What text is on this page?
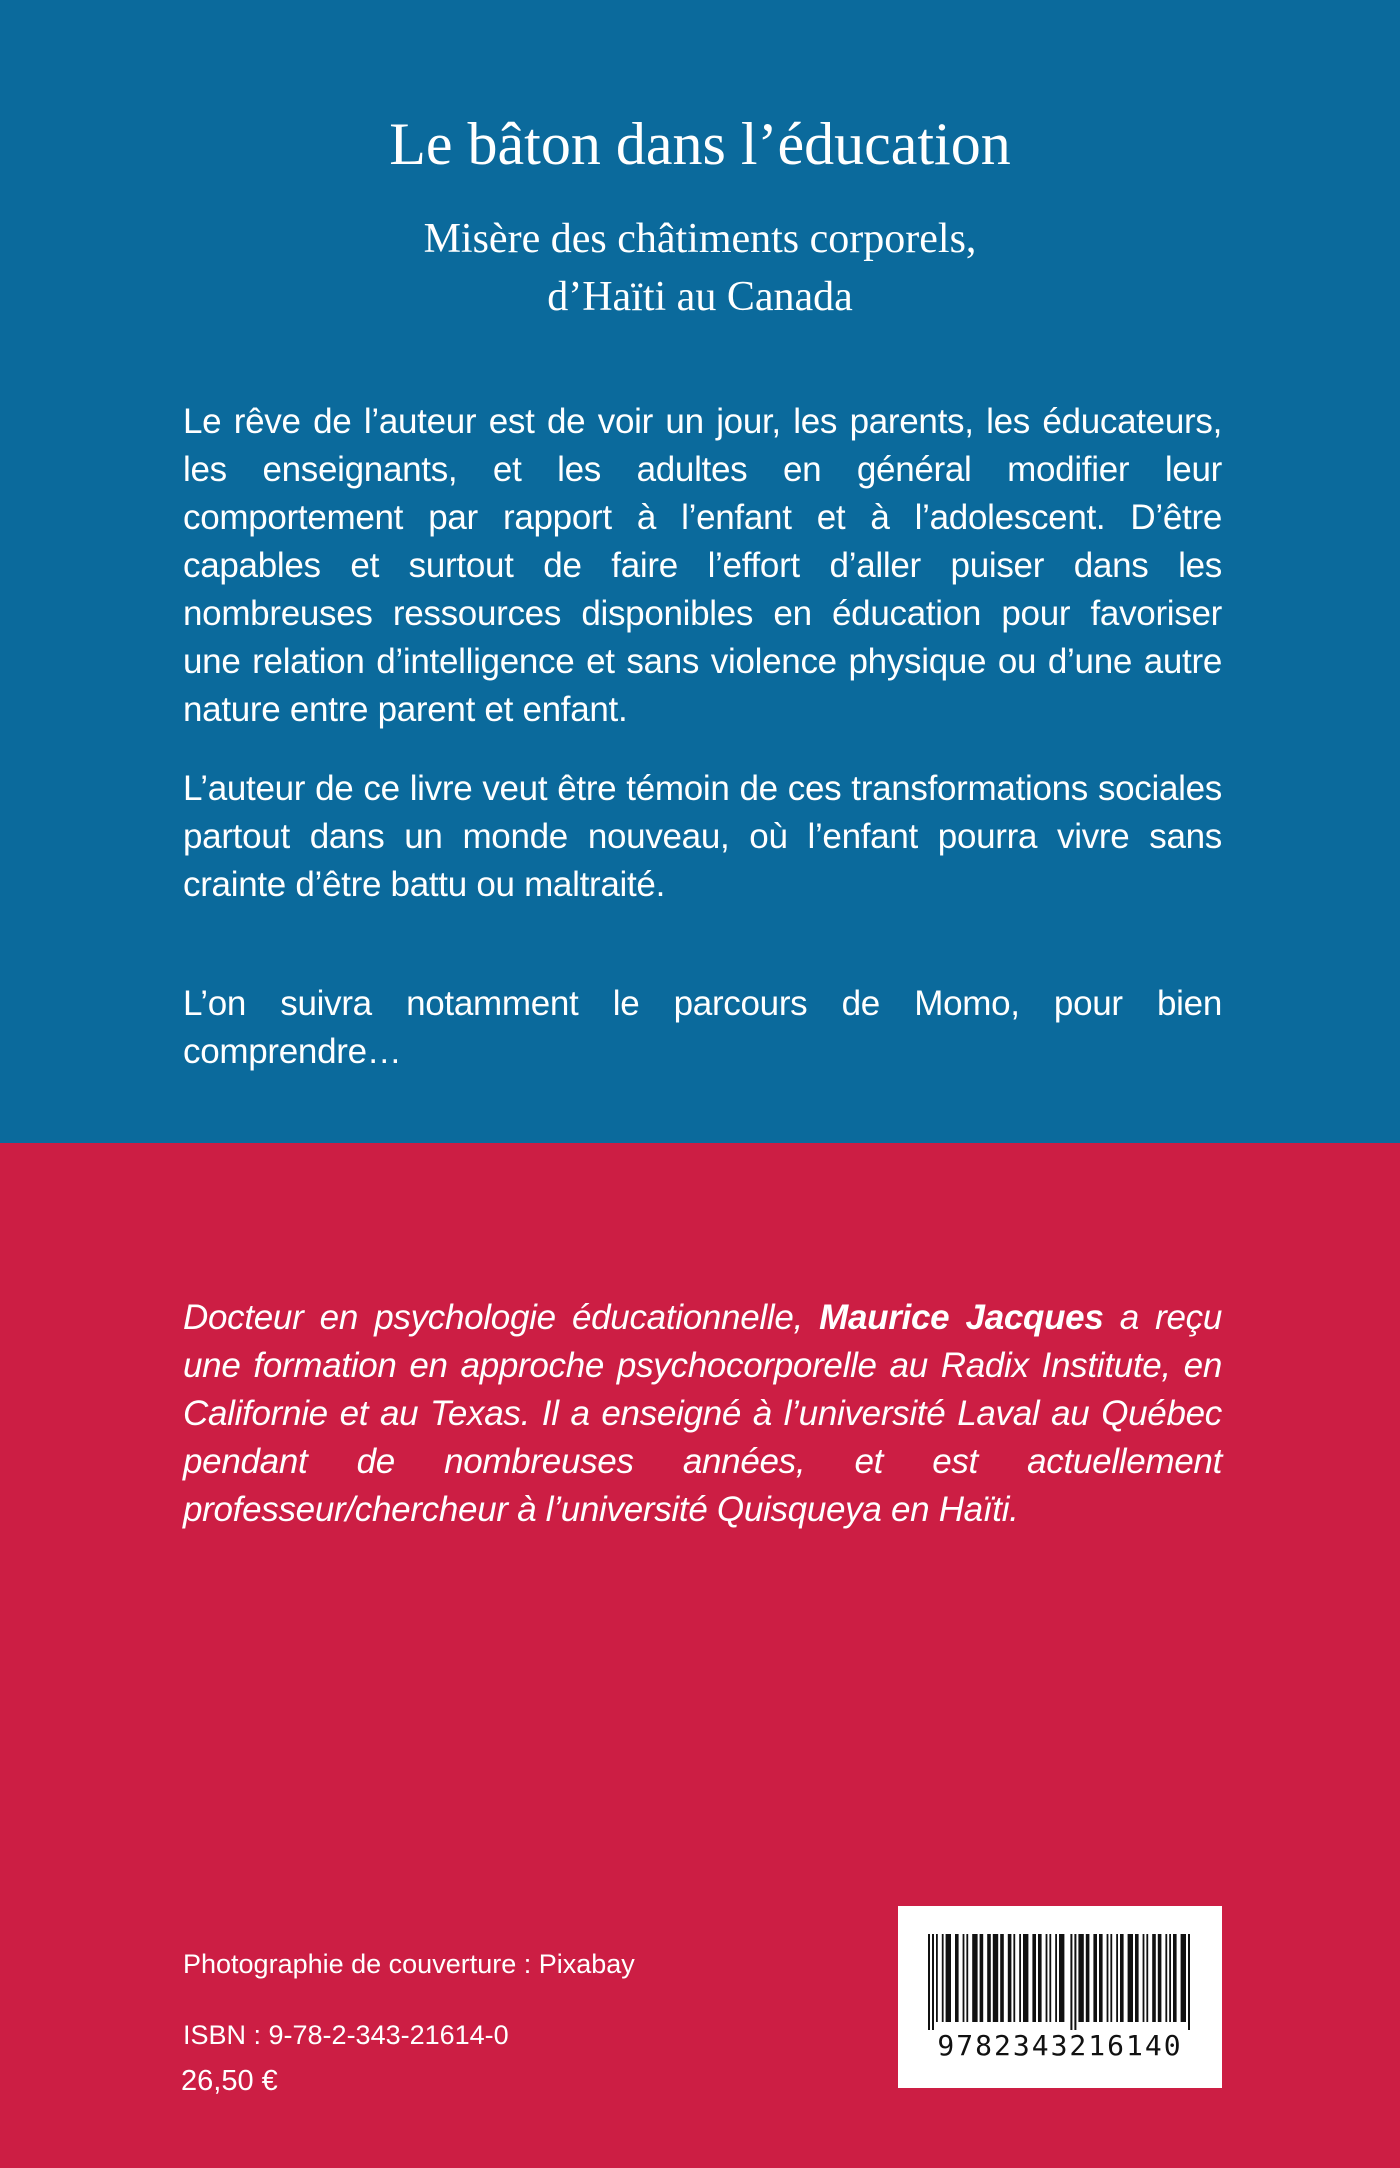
Le bâton dans l’éducation
Misère des châtiments corporels,
d’Haïti au Canada

Le rêve de l’auteur est de voir un jour, les parents, les éducateurs, les enseignants, et les adultes en général modifier leur comportement par rapport à l’enfant et à l’adolescent. D’être capables et surtout de faire l’effort d’aller puiser dans les nombreuses ressources disponibles en éducation pour favoriser une relation d’intelligence et sans violence physique ou d’une autre nature entre parent et enfant.

L’auteur de ce livre veut être témoin de ces transformations sociales partout dans un monde nouveau, où l’enfant pourra vivre sans crainte d’être battu ou maltraité.

L’on suivra notamment le parcours de Momo, pour bien comprendre…

Docteur en psychologie éducationnelle, Maurice Jacques a reçu une formation en approche psychocorporelle au Radix Institute, en Californie et au Texas. Il a enseigné à l’université Laval au Québec pendant de nombreuses années, et est actuellement professeur/chercheur à l’université Quisqueya en Haïti.

Photographie de couverture : Pixabay

ISBN : 9-78-2-343-21614-0

26,50 €

9782343216140
